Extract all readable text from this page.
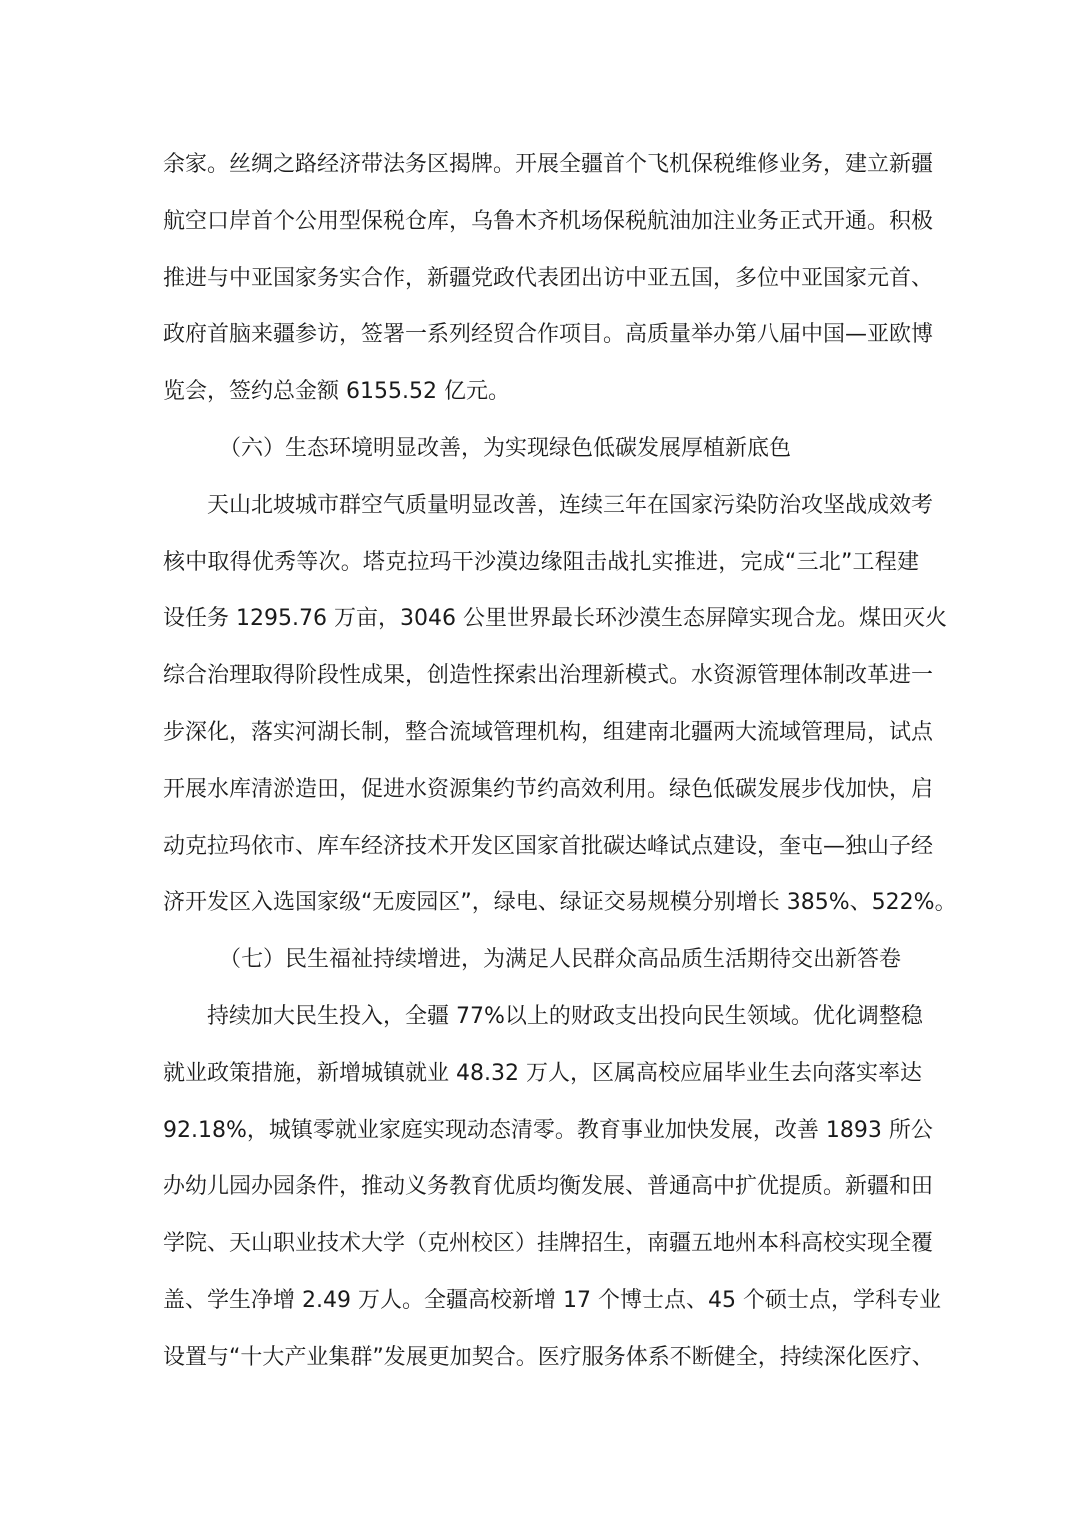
余家。丝绸之路经济带法务区揭牌。开展全疆首个飞机保税维修业务，建立新疆
航空口岸首个公用型保税仓库，乌鲁木齐机场保税航油加注业务正式开通。积极
推进与中亚国家务实合作，新疆党政代表团出访中亚五国，多位中亚国家元首、
政府首脑来疆参访，签署一系列经贸合作项目。高质量举办第八届中国—亚欧博
览会，签约总金额 6155.52 亿元。
（六）生态环境明显改善，为实现绿色低碳发展厚植新底色
天山北坡城市群空气质量明显改善，连续三年在国家污染防治攻坚战成效考
核中取得优秀等次。塔克拉玛干沙漠边缘阻击战扎实推进，完成“三北”工程建
设任务 1295.76 万亩，3046 公里世界最长环沙漠生态屏障实现合龙。煤田灭火
综合治理取得阶段性成果，创造性探索出治理新模式。水资源管理体制改革进一
步深化，落实河湖长制，整合流域管理机构，组建南北疆两大流域管理局，试点
开展水库清淤造田，促进水资源集约节约高效利用。绿色低碳发展步伐加快，启
动克拉玛依市、库车经济技术开发区国家首批碳达峰试点建设，奎屯—独山子经
济开发区入选国家级“无废园区”，绿电、绿证交易规模分别增长 385%、522%。
（七）民生福祉持续增进，为满足人民群众高品质生活期待交出新答卷
持续加大民生投入，全疆 77%以上的财政支出投向民生领域。优化调整稳
就业政策措施，新增城镇就业 48.32 万人，区属高校应届毕业生去向落实率达
92.18%，城镇零就业家庭实现动态清零。教育事业加快发展，改善 1893 所公
办幼儿园办园条件，推动义务教育优质均衡发展、普通高中扩优提质。新疆和田
学院、天山职业技术大学（克州校区）挂牌招生，南疆五地州本科高校实现全覆
盖、学生净增 2.49 万人。全疆高校新增 17 个博士点、45 个硕士点，学科专业
设置与“十大产业集群”发展更加契合。医疗服务体系不断健全，持续深化医疗、
